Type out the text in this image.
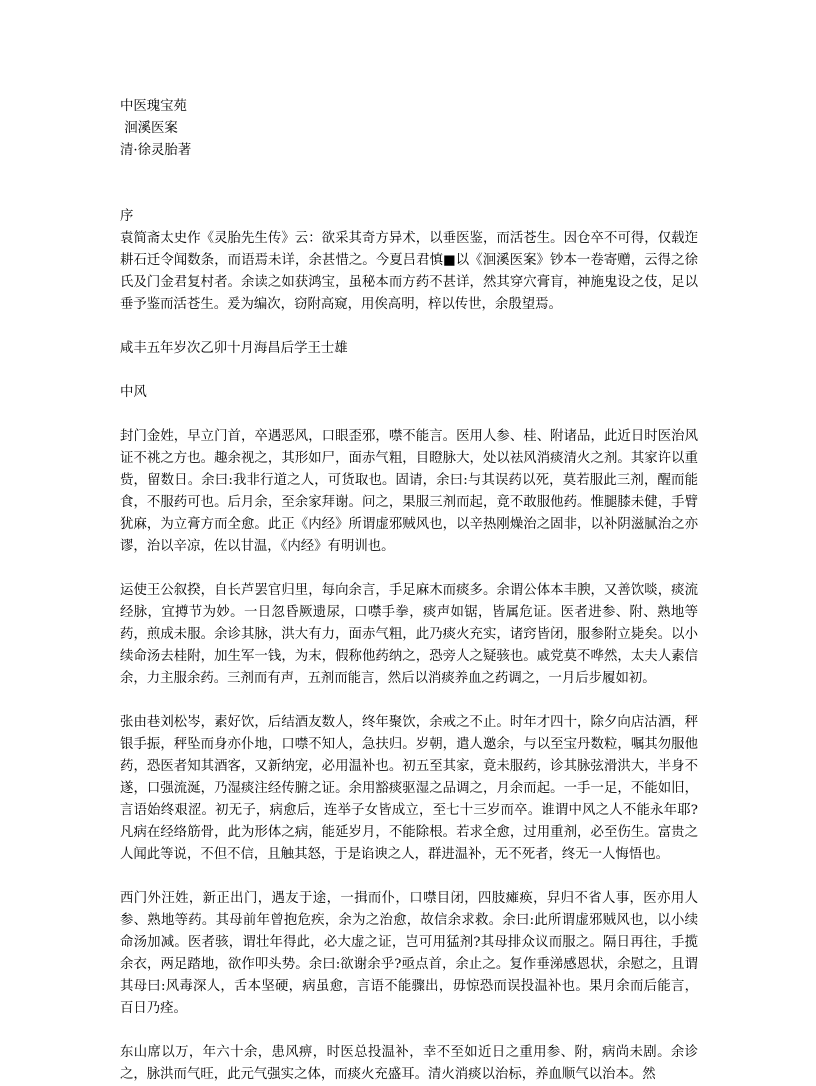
中医瑰宝苑
洄溪医案
清·徐灵胎著
序

袁简斋太史作《灵胎先生传》云：欲采其奇方异术，以垂医鉴，而活苍生。因仓卒不可得，仅载迮耕石迁令闻数条，而语焉未详，余甚惜之。今夏吕君慎■以《洄溪医案》钞本一卷寄赠，云得之徐氏及门金君复村者。余读之如获鸿宝，虽秘本而方药不甚详，然其穿穴膏肓，神施鬼设之伎，足以垂予鉴而活苍生。爰为编次，窃附高窥，用俟高明，梓以传世，余殷望焉。

咸丰五年岁次乙卯十月海昌后学王士雄
中风

封门金姓，早立门首，卒遇恶风，口眼歪邪，噤不能言。医用人参、桂、附诸品，此近日时医治风证不祧之方也。趣余视之，其形如尸，面赤气粗，目瞪脉大，处以祛风消痰清火之剂。其家许以重赀，留数日。余曰:我非行道之人，可货取也。固请，余曰:与其误药以死，莫若服此三剂，醒而能食，不服药可也。后月余，至余家拜谢。问之，果服三剂而起，竟不敢服他药。惟腿膝未健，手臂犹麻，为立膏方而全愈。此正《内经》所谓虚邪贼风也，以辛热刚燥治之固非，以补阴滋腻治之亦谬，治以辛凉，佐以甘温，《内经》有明训也。

运使王公叙揆，自长芦罢官归里，每向余言，手足麻木而痰多。余谓公体本丰腴，又善饮啖，痰流经脉，宜撙节为妙。一日忽昏厥遗尿，口噤手拳，痰声如锯，皆属危证。医者进参、附、熟地等药，煎成未服。余诊其脉，洪大有力，面赤气粗，此乃痰火充实，诸窍皆闭，服参附立毙矣。以小续命汤去桂附，加生军一钱，为末，假称他药纳之，恐旁人之疑骇也。戚党莫不哗然，太夫人素信余，力主服余药。三剂而有声，五剂而能言，然后以消痰养血之药调之，一月后步履如初。

张由巷刘松岑，素好饮，后结酒友数人，终年聚饮，余戒之不止。时年才四十，除夕向店沽酒，秤银手振，秤坠而身亦仆地，口噤不知人，急扶归。岁朝，遣人邀余，与以至宝丹数粒，嘱其勿服他药，恐医者知其酒客，又新纳宠，必用温补也。初五至其家，竟未服药，诊其脉弦滑洪大，半身不遂，口强流涎，乃湿痰注经传腑之证。余用豁痰驱湿之品调之，月余而起。一手一足，不能如旧，言语始终艰涩。初无子，病愈后，连举子女皆成立，至七十三岁而卒。谁谓中风之人不能永年耶?凡病在经络筋骨，此为形体之病，能延岁月，不能除根。若求全愈，过用重剂，必至伤生。富贵之人闻此等说，不但不信，且触其怒，于是谄谀之人，群进温补，无不死者，终无一人悔悟也。

西门外汪姓，新正出门，遇友于途，一揖而仆，口噤目闭，四肢瘫痪，舁归不省人事，医亦用人参、熟地等药。其母前年曾抱危疾，余为之治愈，故信余求救。余曰:此所谓虚邪贼风也，以小续命汤加减。医者骇，谓壮年得此，必大虚之证，岂可用猛剂?其母排众议而服之。隔日再往，手揽余衣，两足踏地，欲作叩头势。余曰:欲谢余乎?亟点首，余止之。复作垂涕感恩状，余慰之，且谓其母曰:风毒深人，舌本坚硬，病虽愈，言语不能骤出，毋惊恐而误投温补也。果月余而后能言，百日乃痊。

东山席以万，年六十余，患风痹，时医总投温补，幸不至如近日之重用参、附，病尚未剧。余诊之，脉洪而气旺，此元气强实之体，而痰火充盛耳。清火消痰以治标，养血顺气以治本。然
